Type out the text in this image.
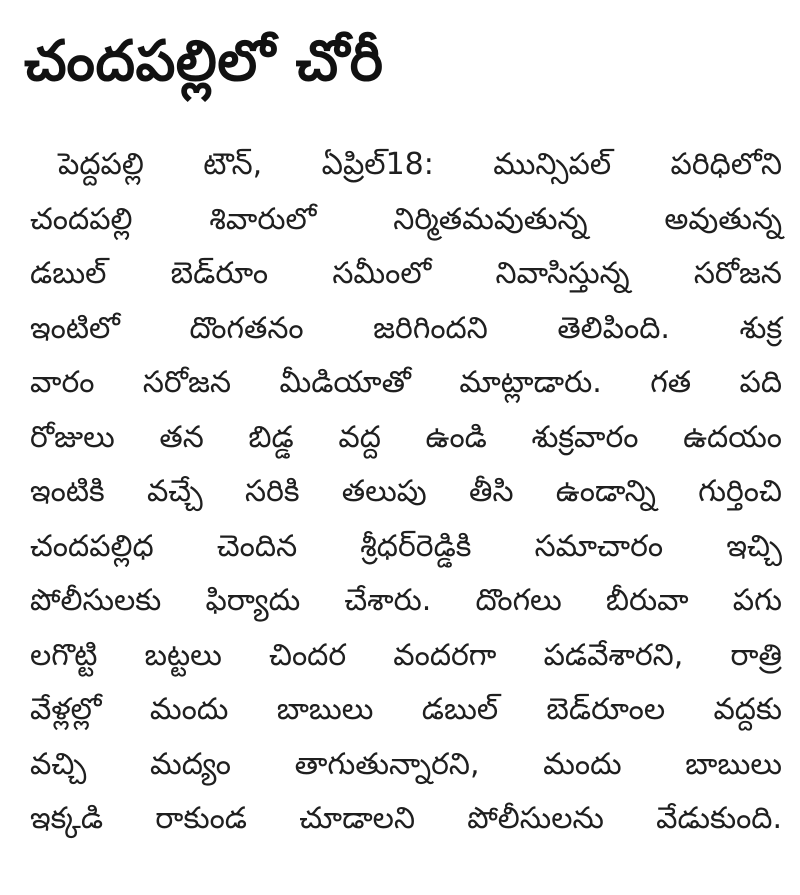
చందపల్లిలో చోరీ
పెద్దపల్లి టౌన్, ఏప్రిల్18: మున్సిపల్ పరిధిలోని
చందపల్లి శివారులో నిర్మితమవుతున్న అవుతున్న
డబుల్ బెడ్‌రూం సమీంలో నివాసిస్తున్న సరోజన
ఇంటిలో దొంగతనం జరిగిందని తెలిపింది. శుక్ర
వారం సరోజన మీడియాతో మాట్లాడారు. గత పది
రోజులు తన బిడ్డ వద్ద ఉండి శుక్రవారం ఉదయం
ఇంటికి వచ్చే సరికి తలుపు తీసి ఉండాన్ని గుర్తించి
చందపల్లిధ చెందిన శ్రీధర్‌రెడ్డికి సమాచారం ఇచ్చి
పోలీసులకు ఫిర్యాదు చేశారు. దొంగలు బీరువా పగు
లగొట్టి బట్టలు చిందర వందరగా పడవేశారని, రాత్రి
వేళ్లల్లో మందు బాబులు డబుల్ బెడ్‌రూంల వద్దకు
వచ్చి మద్యం తాగుతున్నారని, మందు బాబులు
ఇక్కడి రాకుండ చూడాలని పోలీసులను వేడుకుంది.
